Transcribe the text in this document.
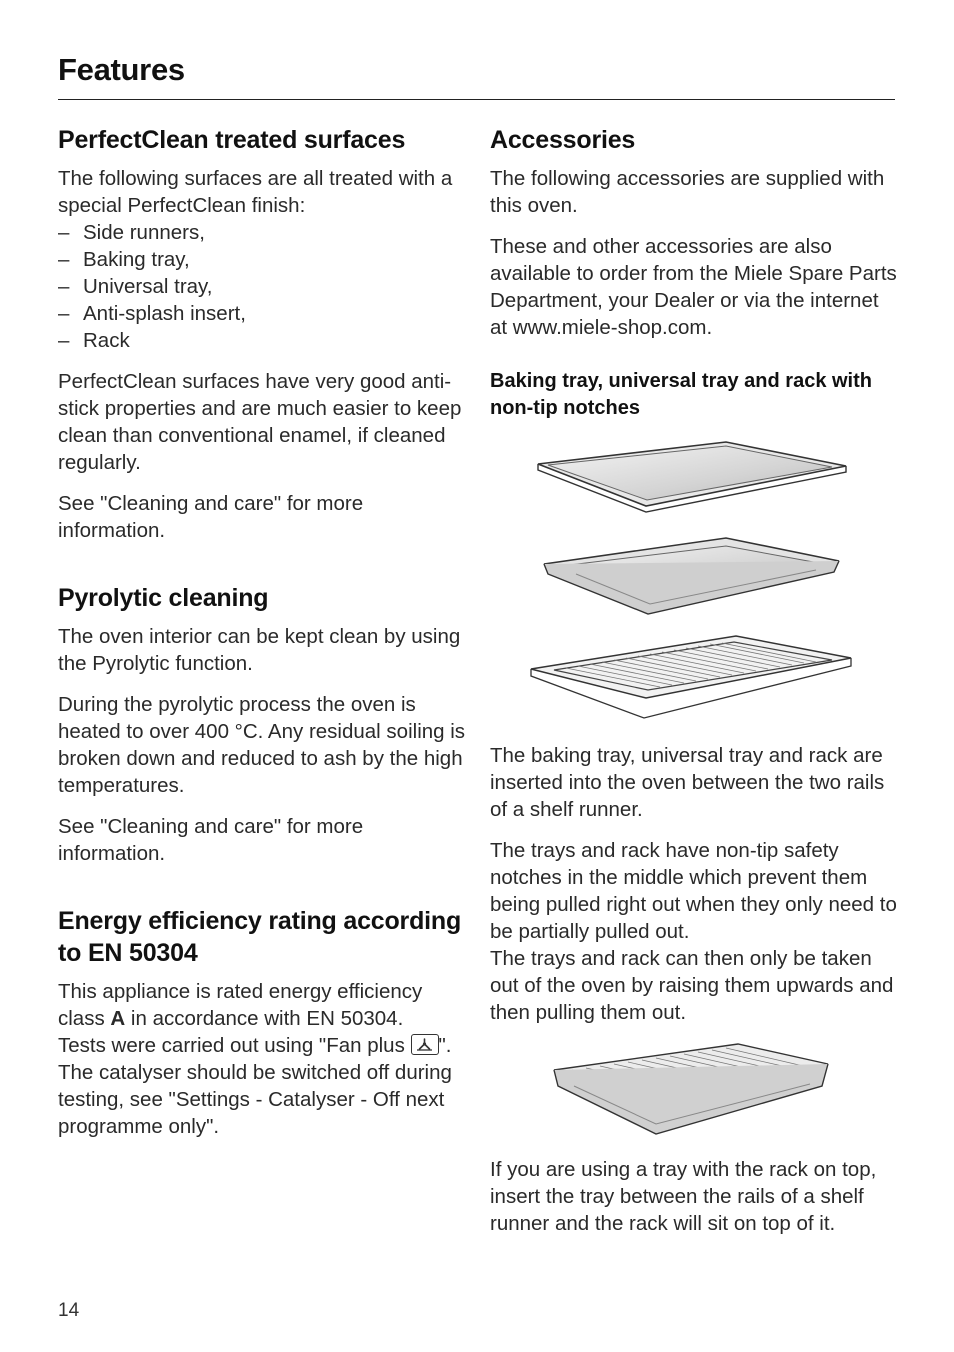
Features
PerfectClean treated surfaces

The following surfaces are all treated with a special PerfectClean finish:

– Side runners,
– Baking tray,
– Universal tray,
– Anti-splash insert,
– Rack

PerfectClean surfaces have very good anti-stick properties and are much easier to keep clean than conventional enamel, if cleaned regularly.

See "Cleaning and care" for more information.

Pyrolytic cleaning

The oven interior can be kept clean by using the Pyrolytic function.

During the pyrolytic process the oven is heated to over 400 °C. Any residual soiling is broken down and reduced to ash by the high temperatures.

See "Cleaning and care" for more information.

Energy efficiency rating according to EN 50304

This appliance is rated energy efficiency class A in accordance with EN 50304.
Tests were carried out using "Fan plus
".
The catalyser should be switched off during testing, see "Settings - Catalyser - Off next programme only".

Accessories

The following accessories are supplied with this oven.

These and other accessories are also available to order from the Miele Spare Parts Department, your Dealer or via the internet at www.miele-shop.com.

Baking tray, universal tray and rack with non-tip notches

The baking tray, universal tray and rack are inserted into the oven between the two rails of a shelf runner.

The trays and rack have non-tip safety notches in the middle which prevent them being pulled right out when they only need to be partially pulled out.
The trays and rack can then only be taken out of the oven by raising them upwards and then pulling them out.

If you are using a tray with the rack on top, insert the tray between the rails of a shelf runner and the rack will sit on top of it.

14
